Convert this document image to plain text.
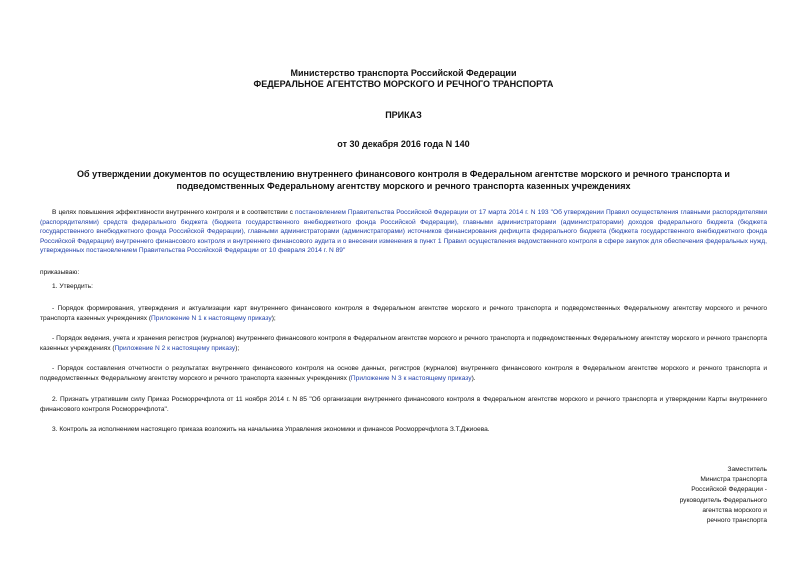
Министерство транспорта Российской Федерации
ФЕДЕРАЛЬНОЕ АГЕНТСТВО МОРСКОГО И РЕЧНОГО ТРАНСПОРТА
ПРИКАЗ
от 30 декабря 2016 года N 140
Об утверждении документов по осуществлению внутреннего финансового контроля в Федеральном агентстве морского и речного транспорта и подведомственных Федеральному агентству морского и речного транспорта казенных учреждениях
В целях повышения эффективности внутреннего контроля и в соответствии с постановлением Правительства Российской Федерации от 17 марта 2014 г. N 193 "Об утверждении Правил осуществления главными распорядителями (распорядителями) средств федерального бюджета (бюджета государственного внебюджетного фонда Российской Федерации), главными администраторами (администраторами) доходов федерального бюджета (бюджета государственного внебюджетного фонда Российской Федерации), главными администраторами (администраторами) источников финансирования дефицита федерального бюджета (бюджета государственного внебюджетного фонда Российской Федерации) внутреннего финансового контроля и внутреннего финансового аудита и о внесении изменения в пункт 1 Правил осуществления ведомственного контроля в сфере закупок для обеспечения федеральных нужд, утвержденных постановлением Правительства Российской Федерации от 10 февраля 2014 г. N 89"
приказываю:
1. Утвердить:
- Порядок формирования, утверждения и актуализации карт внутреннего финансового контроля в Федеральном агентстве морского и речного транспорта и подведомственных Федеральному агентству морского и речного транспорта казенных учреждениях (Приложение N 1 к настоящему приказу);
- Порядок ведения, учета и хранения регистров (журналов) внутреннего финансового контроля в Федеральном агентстве морского и речного транспорта и подведомственных Федеральному агентству морского и речного транспорта казенных учреждениях (Приложение N 2 к настоящему приказу);
- Порядок составления отчетности о результатах внутреннего финансового контроля на основе данных, регистров (журналов) внутреннего финансового контроля в Федеральном агентстве морского и речного транспорта и подведомственных Федеральному агентству морского и речного транспорта казенных учреждениях (Приложение N 3 к настоящему приказу).
2. Признать утратившим силу Приказ Росморречфлота от 11 ноября 2014 г. N 85 "Об организации внутреннего финансового контроля в Федеральном агентстве морского и речного транспорта и утверждении Карты внутреннего финансового контроля Росморречфлота".
3. Контроль за исполнением настоящего приказа возложить на начальника Управления экономики и финансов Росморречфлота З.Т.Джиоева.
Заместитель
Министра транспорта
Российской Федерации -
руководитель Федерального
агентства морского и
речного транспорта
